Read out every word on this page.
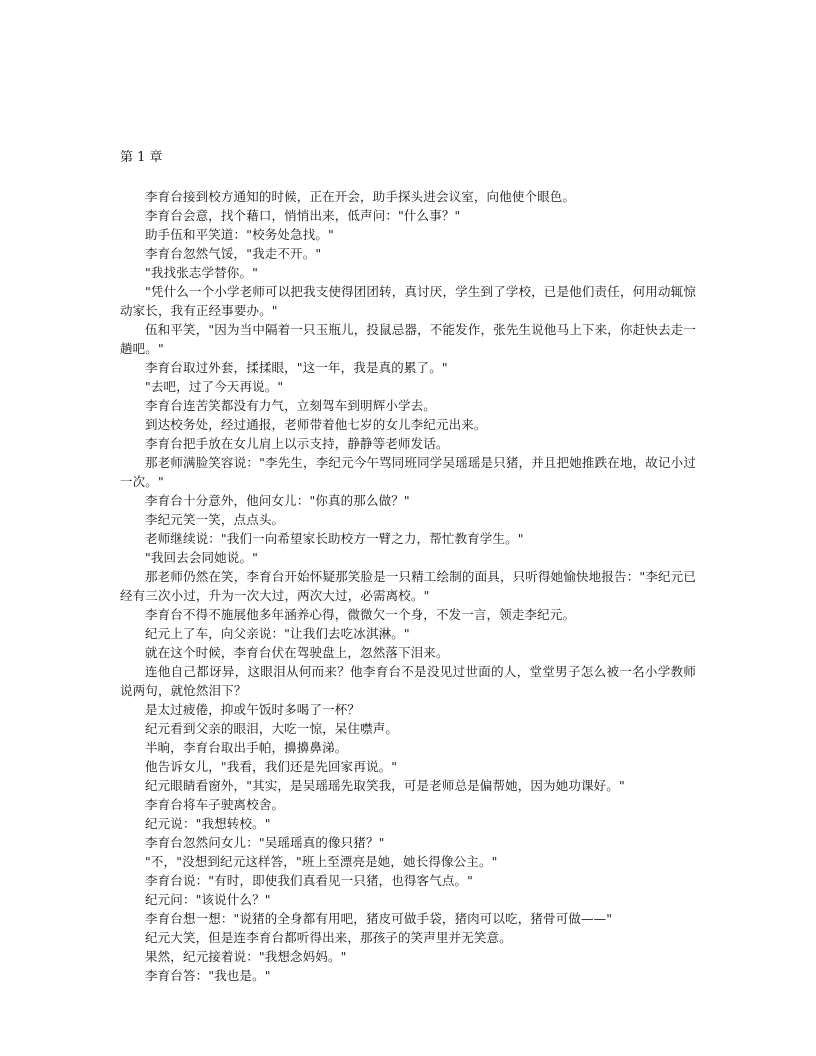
第 1 章

李育台接到校方通知的时候，正在开会，助手探头进会议室，向他使个眼色。

李育台会意，找个藉口，悄悄出来，低声问："什么事？"

助手伍和平笑道："校务处急找。"

李育台忽然气馁，"我走不开。"

"我找张志学替你。"

"凭什么一个小学老师可以把我支使得团团转，真讨厌，学生到了学校，已是他们责任，何用动辄惊动家长，我有正经事要办。"

伍和平笑，"因为当中隔着一只玉瓶儿，投鼠忌器，不能发作，张先生说他马上下来，你赶快去走一趟吧。"

李育台取过外套，揉揉眼，"这一年，我是真的累了。"

"去吧，过了今天再说。"

李育台连苦笑都没有力气，立刻驾车到明辉小学去。

到达校务处，经过通报，老师带着他七岁的女儿李纪元出来。

李育台把手放在女儿肩上以示支持，静静等老师发话。

那老师满脸笑容说："李先生，李纪元今午骂同班同学吴瑶瑶是只猪，并且把她推跌在地，故记小过一次。"

李育台十分意外，他问女儿："你真的那么做？"

李纪元笑一笑，点点头。

老师继续说："我们一向希望家长助校方一臂之力，帮忙教育学生。"

"我回去会同她说。"

那老师仍然在笑，李育台开始怀疑那笑脸是一只精工绘制的面具，只听得她愉快地报告："李纪元已经有三次小过，升为一次大过，两次大过，必需离校。"

李育台不得不施展他多年涵养心得，微微欠一个身，不发一言，领走李纪元。

纪元上了车，向父亲说："让我们去吃冰淇淋。"

就在这个时候，李育台伏在驾驶盘上，忽然落下泪来。

连他自己都讶异，这眼泪从何而来？他李育台不是没见过世面的人，堂堂男子怎么被一名小学教师说两句，就怆然泪下？

是太过疲倦，抑或午饭时多喝了一杯？

纪元看到父亲的眼泪，大吃一惊，呆住噤声。

半晌，李育台取出手帕，擤擤鼻涕。

他告诉女儿，"我看，我们还是先回家再说。"

纪元眼睛看窗外，"其实，是吴瑶瑶先取笑我，可是老师总是偏帮她，因为她功课好。"

李育台将车子驶离校舍。

纪元说："我想转校。"

李育台忽然问女儿："吴瑶瑶真的像只猪？"

"不，"没想到纪元这样答，"班上至漂亮是她，她长得像公主。"

李育台说："有时，即使我们真看见一只猪，也得客气点。"

纪元问："该说什么？"

李育台想一想："说猪的全身都有用吧，猪皮可做手袋，猪肉可以吃，猪骨可做——"

纪元大笑，但是连李育台都听得出来，那孩子的笑声里并无笑意。

果然，纪元接着说："我想念妈妈。"

李育台答："我也是。"
